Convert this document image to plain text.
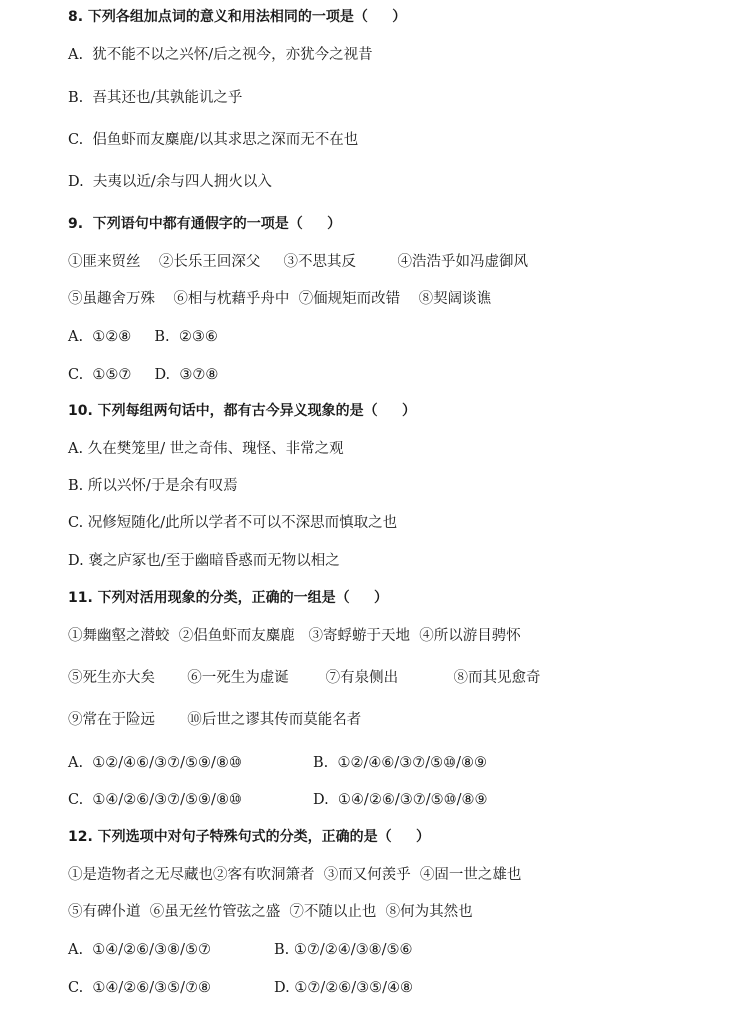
8. 下列各组加点词的意义和用法相同的一项是（     ）
A.  犹不能不以之兴怀/后之视今，亦犹今之视昔
B.  吾其还也/其孰能讥之乎
C.  侣鱼虾而友麋鹿/以其求思之深而无不在也
D.  夫夷以近/余与四人拥火以入
9.  下列语句中都有通假字的一项是（     ）
①匪来贸丝    ②长乐王回深父     ③不思其反         ④浩浩乎如冯虚御风
⑤虽趣舍万殊    ⑥相与枕藉乎舟中  ⑦偭规矩而改错    ⑧契阔谈谯
A.  ①②⑧     B.  ②③⑥
C.  ①⑤⑦     D.  ③⑦⑧
10. 下列每组两句话中，都有古今异义现象的是（     ）
A. 久在樊笼里/ 世之奇伟、瑰怪、非常之观
B. 所以兴怀/于是余有叹焉
C. 况修短随化/此所以学者不可以不深思而慎取之也
D. 褒之庐冢也/至于幽暗昏惑而无物以相之
11. 下列对活用现象的分类，正确的一组是（     ）
①舞幽壑之潜蛟  ②侣鱼虾而友麋鹿   ③寄蜉蝣于天地  ④所以游目骋怀
⑤死生亦大矣       ⑥一死生为虚诞        ⑦有泉侧出            ⑧而其见愈奇
⑨常在于险远       ⑩后世之谬其传而莫能名者
A.  ①②/④⑥/③⑦/⑤⑨/⑧⑩	B.  ①②/④⑥/③⑦/⑤⑩/⑧⑨
C.  ①④/②⑥/③⑦/⑤⑨/⑧⑩	D.  ①④/②⑥/③⑦/⑤⑩/⑧⑨
12. 下列选项中对句子特殊句式的分类，正确的是（     ）
①是造物者之无尽藏也②客有吹洞箫者  ③而又何羡乎  ④固一世之雄也
⑤有碑仆道  ⑥虽无丝竹管弦之盛  ⑦不随以止也  ⑧何为其然也
A.  ①④/②⑥/③⑧/⑤⑦	B. ①⑦/②④/③⑧/⑤⑥
C.  ①④/②⑥/③⑤/⑦⑧	D. ①⑦/②⑥/③⑤/④⑧
